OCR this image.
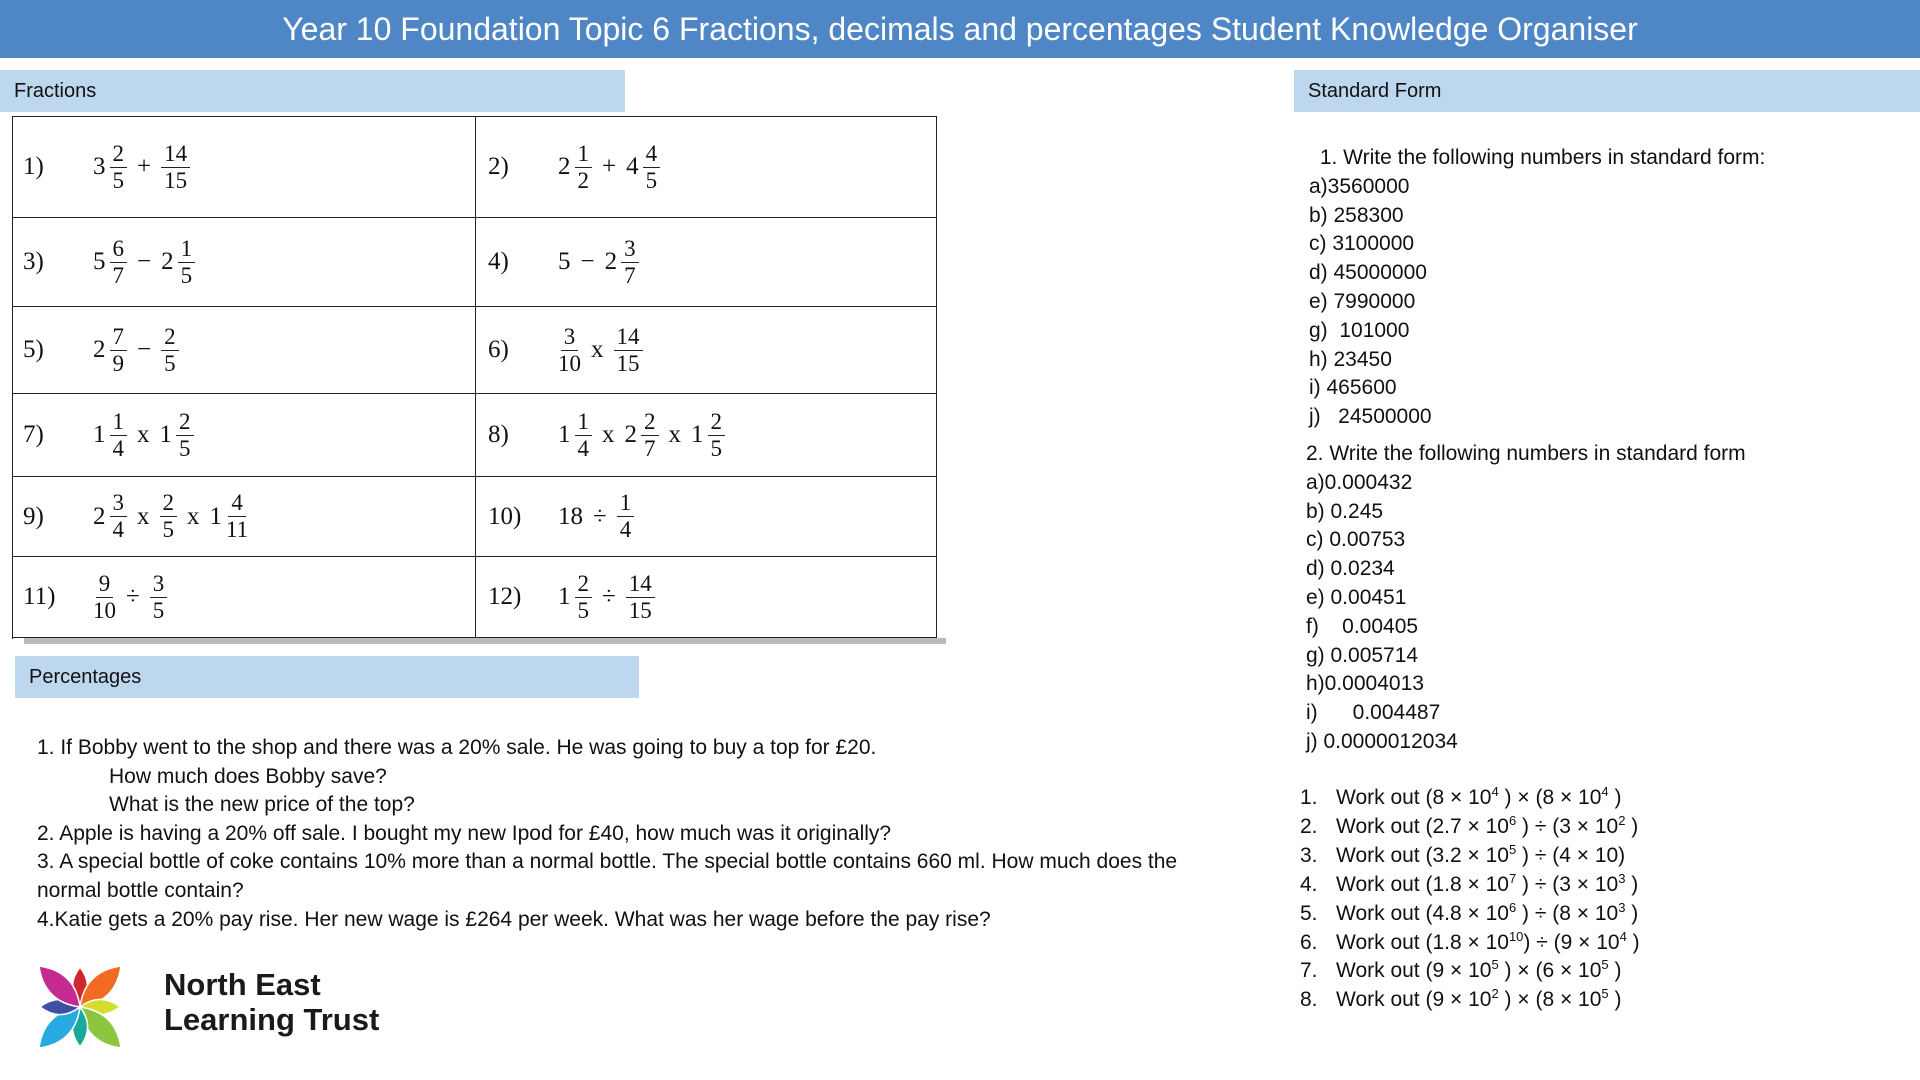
Year 10 Foundation Topic 6 Fractions, decimals and percentages Student Knowledge Organiser
Fractions
1)	$3 \frac{2}{5} + \frac{14}{15}$	2)	$2 \frac{1}{2} + 4 \frac{4}{5}$
3)	$5 \frac{6}{7} - 2 \frac{1}{5}$	4)	$5 - 2 \frac{3}{7}$
5)	$2 \frac{7}{9} - \frac{2}{5}$	6)	$\frac{3}{10}$ x $\frac{14}{15}$
7)	$1 \frac{1}{4}$ x $1 \frac{2}{5}$	8)	$1 \frac{1}{4}$ x $2 \frac{2}{7}$ x $1 \frac{2}{5}$
9)	$2 \frac{3}{4}$ x $\frac{2}{5}$ x $1 \frac{4}{11}$	10)	$18 \div \frac{1}{4}$
11)	$\frac{9}{10} \div \frac{3}{5}$	12)	$1 \frac{2}{5} \div \frac{14}{15}$
Percentages
1. If Bobby went to the shop and there was a 20% sale. He was going to buy a top for £20.
How much does Bobby save?
What is the new price of the top?
2. Apple is having a 20% off sale. I bought my new Ipod for £40, how much was it originally?
3. A special bottle of coke contains 10% more than a normal bottle. The special bottle contains 660 ml. How much does the
normal bottle contain?
4.Katie gets a 20% pay rise. Her new wage is £264 per week. What was her wage before the pay rise?
North East
Learning Trust
Standard Form
1. Write the following numbers in standard form:
a)3560000
b) 258300
c) 3100000
d) 45000000
e) 7990000
g)  101000
h) 23450
i) 465600
j)   24500000
2. Write the following numbers in standard form
a)0.000432
b) 0.245
c) 0.00753
d) 0.0234
e) 0.00451
f)    0.00405
g) 0.005714
h)0.0004013
i)      0.004487
j) 0.0000012034
1. Work out ($8 \times 10^4$ ) × ($8 \times 10^4$ )
2. Work out ($2.7 \times 10^6$ ) ÷ ($3 \times 10^2$ )
3. Work out ($3.2 \times 10^5$ ) ÷ (4 × 10)
4. Work out ($1.8 \times 10^7$ ) ÷ ($3 \times 10^3$ )
5. Work out ($4.8 \times 10^6$ ) ÷ ($8 \times 10^3$ )
6. Work out $(1.8 \times 10^{10}) \div (9 \times 10^4$ )
7. Work out ($9 \times 10^5$ ) × ($6 \times 10^5$ )
8. Work out ($9 \times 10^2$ ) × ($8 \times 10^5$ )
